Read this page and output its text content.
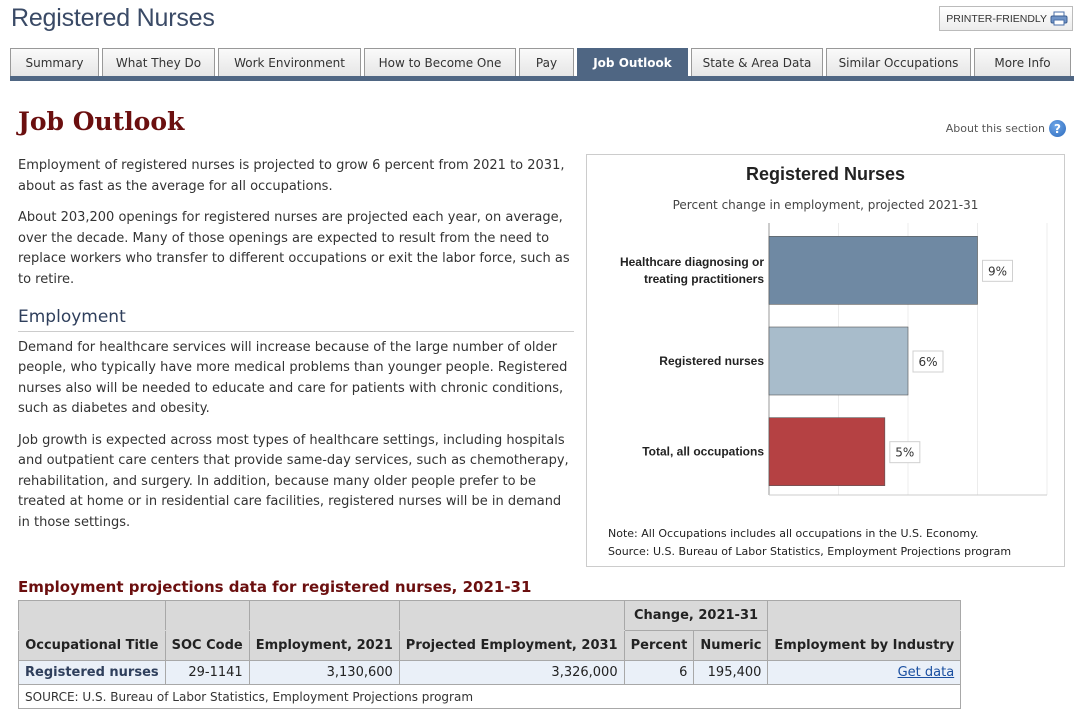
Registered Nurses	PRINTER-FRIENDLY
Summary	What They Do	Work Environment	How to Become One	Pay	Job Outlook	State & Area Data	Similar Occupations	More Info
Job Outlook	About this section ?

Employment of registered nurses is projected to grow 6 percent from 2021 to 2031, about as fast as the average for all occupations.

About 203,200 openings for registered nurses are projected each year, on average, over the decade. Many of those openings are expected to result from the need to replace workers who transfer to different occupations or exit the labor force, such as to retire.

Employment

Demand for healthcare services will increase because of the large number of older people, who typically have more medical problems than younger people. Registered nurses also will be needed to educate and care for patients with chronic conditions, such as diabetes and obesity.

Job growth is expected across most types of healthcare settings, including hospitals and outpatient care centers that provide same-day services, such as chemotherapy, rehabilitation, and surgery. In addition, because many older people prefer to be treated at home or in residential care facilities, registered nurses will be in demand in those settings.

Registered Nurses
Percent change in employment, projected 2021-31
Healthcare diagnosing or
treating practitioners
9%
Registered nurses	6%
Total, all occupations	5%
Note: All Occupations includes all occupations in the U.S. Economy.
Source: U.S. Bureau of Labor Statistics, Employment Projections program
Employment projections data for registered nurses, 2021-31
				Change, 2021-31		
Occupational Title	SOC Code	Employment, 2021	Projected Employment, 2031	Percent	Numeric	Employment by Industry
Registered nurses	29-1141	3,130,600	3,326,000	6	195,400	Get data
SOURCE: U.S. Bureau of Labor Statistics, Employment Projections program						
